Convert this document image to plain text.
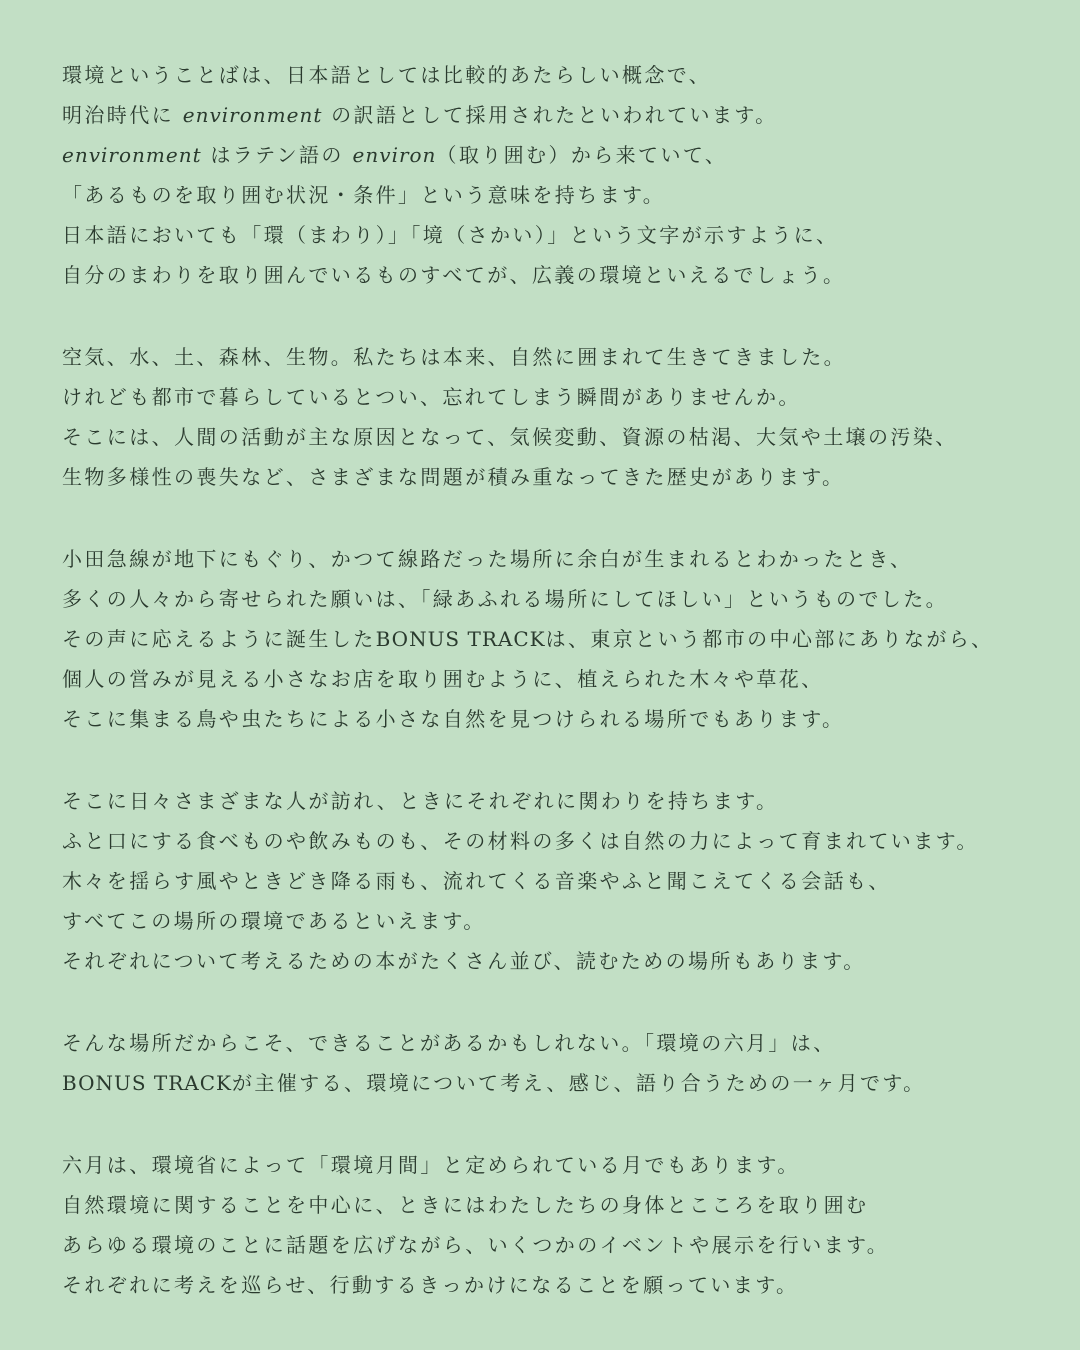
環境ということばは、日本語としては比較的あたらしい概念で、
明治時代に environment の訳語として採用されたといわれています。
environment はラテン語の environ（取り囲む）から来ていて、
「あるものを取り囲む状況・条件」という意味を持ちます。
日本語においても「環（まわり）」「境（さかい）」という文字が示すように、
自分のまわりを取り囲んでいるものすべてが、広義の環境といえるでしょう。
空気、水、土、森林、生物。私たちは本来、自然に囲まれて生きてきました。
けれども都市で暮らしているとつい、忘れてしまう瞬間がありませんか。
そこには、人間の活動が主な原因となって、気候変動、資源の枯渇、大気や土壌の汚染、
生物多様性の喪失など、さまざまな問題が積み重なってきた歴史があります。
小田急線が地下にもぐり、かつて線路だった場所に余白が生まれるとわかったとき、
多くの人々から寄せられた願いは、「緑あふれる場所にしてほしい」というものでした。
その声に応えるように誕生したBONUS TRACKは、東京という都市の中心部にありながら、
個人の営みが見える小さなお店を取り囲むように、植えられた木々や草花、
そこに集まる鳥や虫たちによる小さな自然を見つけられる場所でもあります。
そこに日々さまざまな人が訪れ、ときにそれぞれに関わりを持ちます。
ふと口にする食べものや飲みものも、その材料の多くは自然の力によって育まれています。
木々を揺らす風やときどき降る雨も、流れてくる音楽やふと聞こえてくる会話も、
すべてこの場所の環境であるといえます。
それぞれについて考えるための本がたくさん並び、読むための場所もあります。
そんな場所だからこそ、できることがあるかもしれない。「環境の六月」は、
BONUS TRACKが主催する、環境について考え、感じ、語り合うための一ヶ月です。
六月は、環境省によって「環境月間」と定められている月でもあります。
自然環境に関することを中心に、ときにはわたしたちの身体とこころを取り囲む
あらゆる環境のことに話題を広げながら、いくつかのイベントや展示を行います。
それぞれに考えを巡らせ、行動するきっかけになることを願っています。
